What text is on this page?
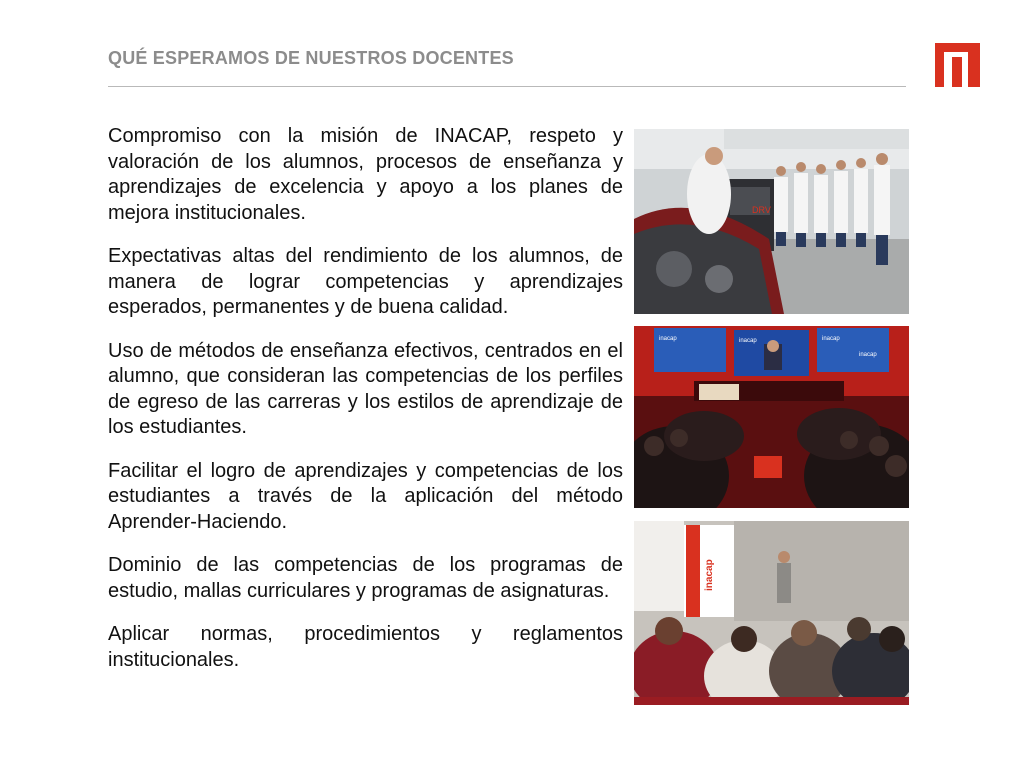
QUÉ ESPERAMOS DE NUESTROS DOCENTES

Compromiso con la misión de INACAP, respeto y valoración de los alumnos, procesos de enseñanza y aprendizajes de excelencia y apoyo a los planes de mejora institucionales.

Expectativas altas del rendimiento de los alumnos, de manera de lograr competencias y aprendizajes esperados, permanentes y de buena calidad.

Uso de métodos de enseñanza efectivos, centrados en el alumno, que consideran las competencias de los perfiles de egreso de las carreras y los estilos de aprendizaje de los estudiantes.

Facilitar el logro de aprendizajes y competencias de los estudiantes a través de la aplicación del método Aprender-Haciendo.

Dominio de las competencias de los programas de estudio, mallas curriculares y programas de asignaturas.

Aplicar normas, procedimientos y reglamentos institucionales.

DRV
inacap	inacap	inacap
inacap
inacap
